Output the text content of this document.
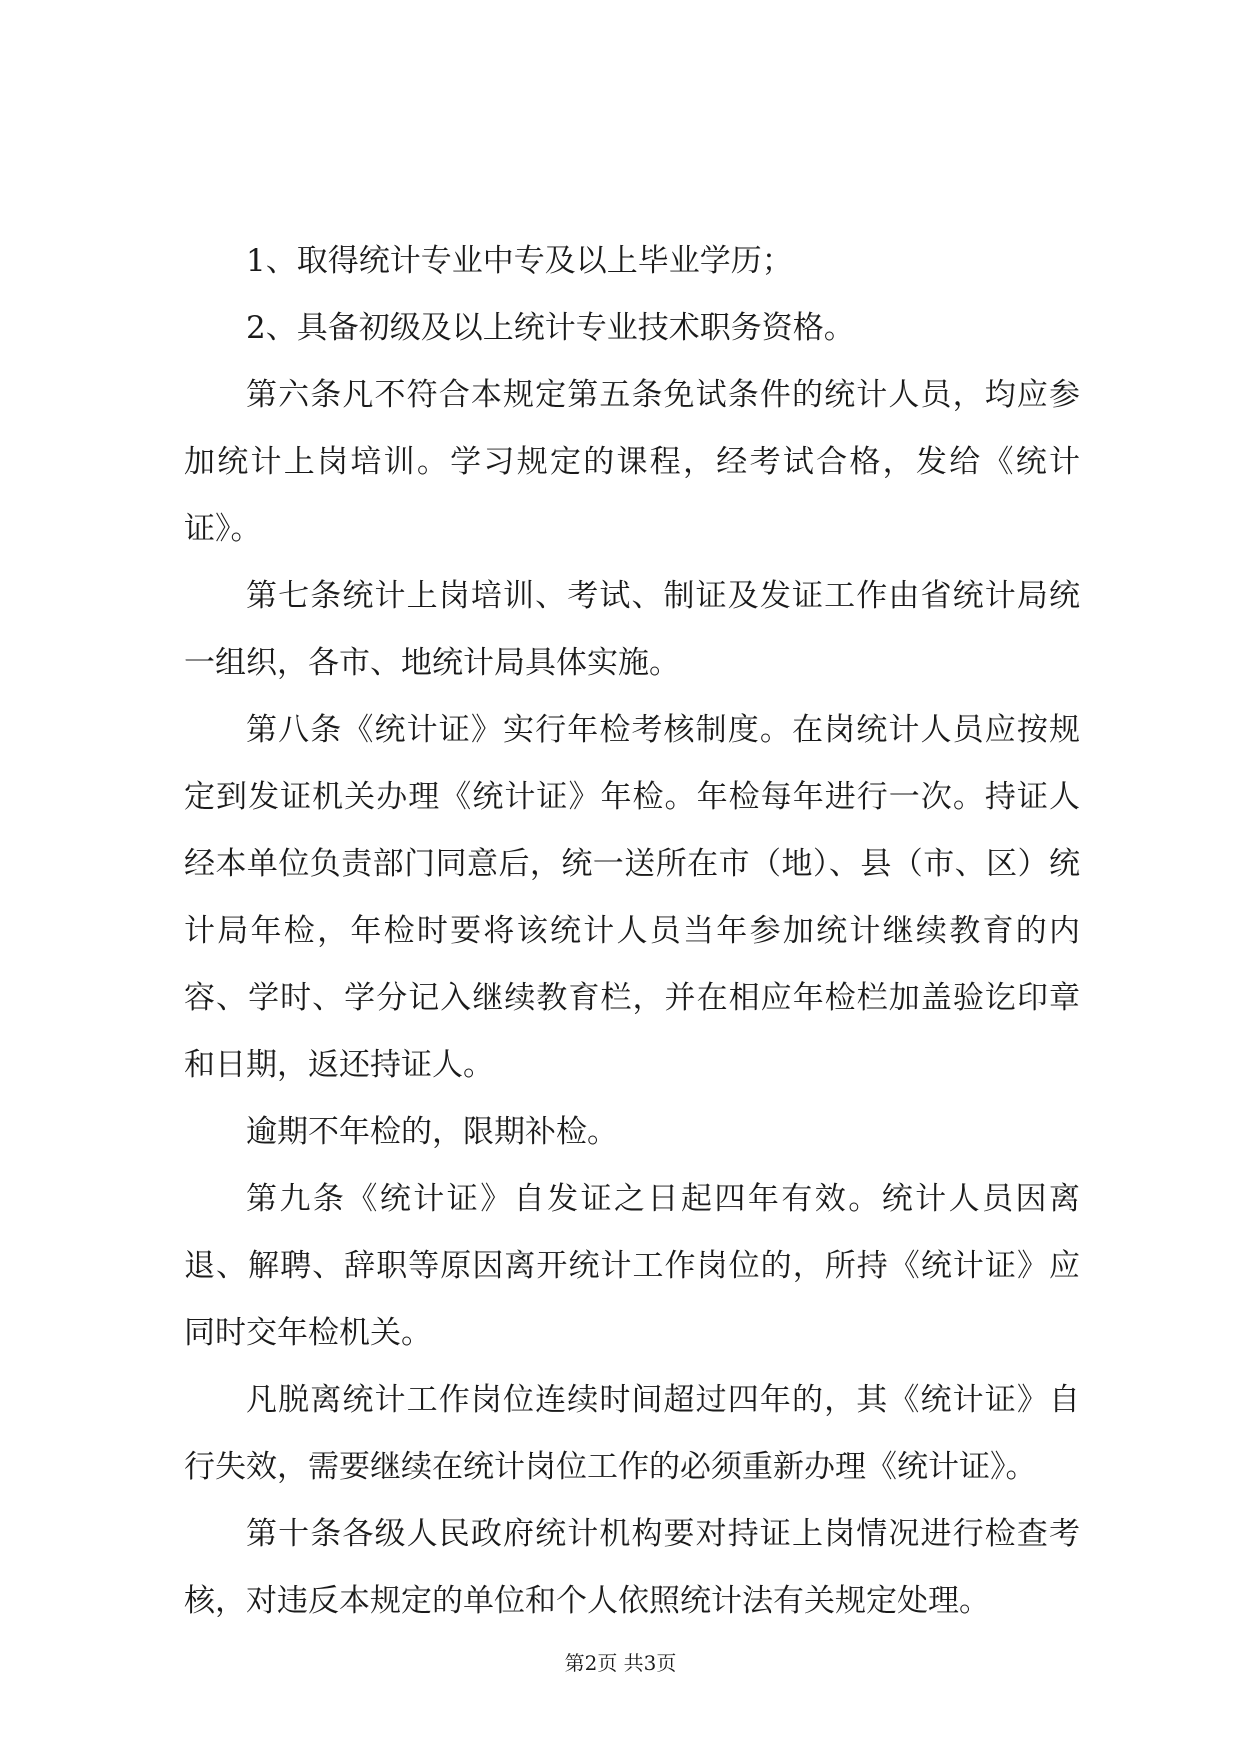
1、取得统计专业中专及以上毕业学历；

2、具备初级及以上统计专业技术职务资格。

第六条凡不符合本规定第五条免试条件的统计人员，均应参加统计上岗培训。学习规定的课程，经考试合格，发给《统计证》。

第七条统计上岗培训、考试、制证及发证工作由省统计局统一组织，各市、地统计局具体实施。

第八条《统计证》实行年检考核制度。在岗统计人员应按规定到发证机关办理《统计证》年检。年检每年进行一次。持证人经本单位负责部门同意后，统一送所在市（地）、县（市、区）统计局年检，年检时要将该统计人员当年参加统计继续教育的内容、学时、学分记入继续教育栏，并在相应年检栏加盖验讫印章和日期，返还持证人。

逾期不年检的，限期补检。

第九条《统计证》自发证之日起四年有效。统计人员因离退、解聘、辞职等原因离开统计工作岗位的，所持《统计证》应同时交年检机关。

凡脱离统计工作岗位连续时间超过四年的，其《统计证》自行失效，需要继续在统计岗位工作的必须重新办理《统计证》。

第十条各级人民政府统计机构要对持证上岗情况进行检查考核，对违反本规定的单位和个人依照统计法有关规定处理。

第2页 共3页
